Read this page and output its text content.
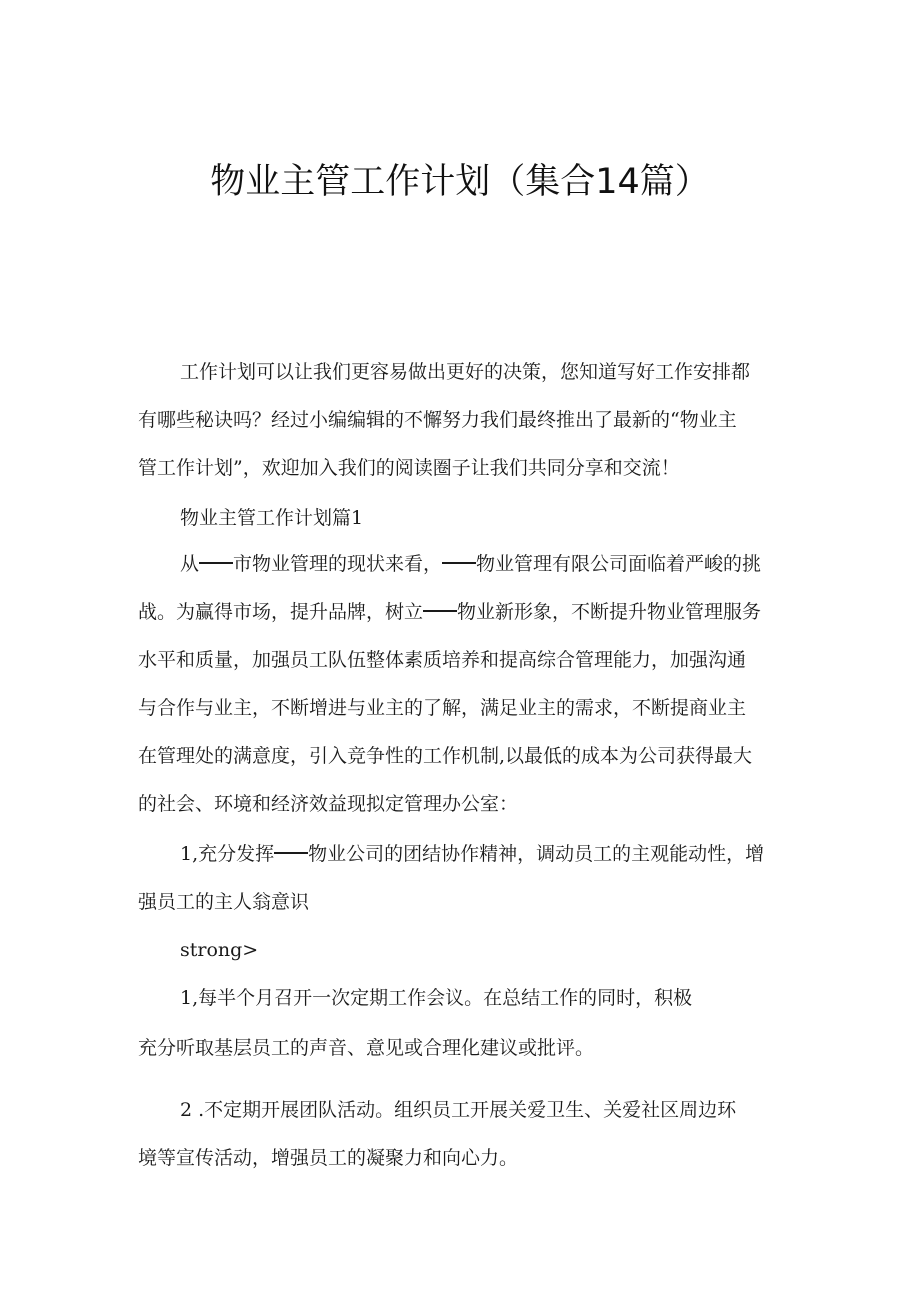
物业主管工作计划（集合14篇）

工作计划可以让我们更容易做出更好的决策，您知道写好工作安排都

有哪些秘诀吗？经过小编编辑的不懈努力我们最终推出了最新的“物业主

管工作计划”，欢迎加入我们的阅读圈子让我们共同分享和交流！

物业主管工作计划篇1

从 市物业管理的现状来看， 物业管理有限公司面临着严峻的挑

战。为赢得市场，提升品牌，树立 物业新形象，不断提升物业管理服务

水平和质量，加强员工队伍整体素质培养和提高综合管理能力，加强沟通

与合作与业主，不断增进与业主的了解，满足业主的需求，不断提商业主

在管理处的满意度，引入竞争性的工作机制,以最低的成本为公司获得最大

的社会、环境和经济效益现拟定管理办公室：

1,充分发挥 物业公司的团结协作精神，调动员工的主观能动性，增

强员工的主人翁意识

strong>

1,每半个月召开一次定期工作会议。在总结工作的同时，积极

充分听取基层员工的声音、意见或合理化建议或批评。

2 .不定期开展团队活动。组织员工开展关爱卫生、关爱社区周边环

境等宣传活动，增强员工的凝聚力和向心力。
